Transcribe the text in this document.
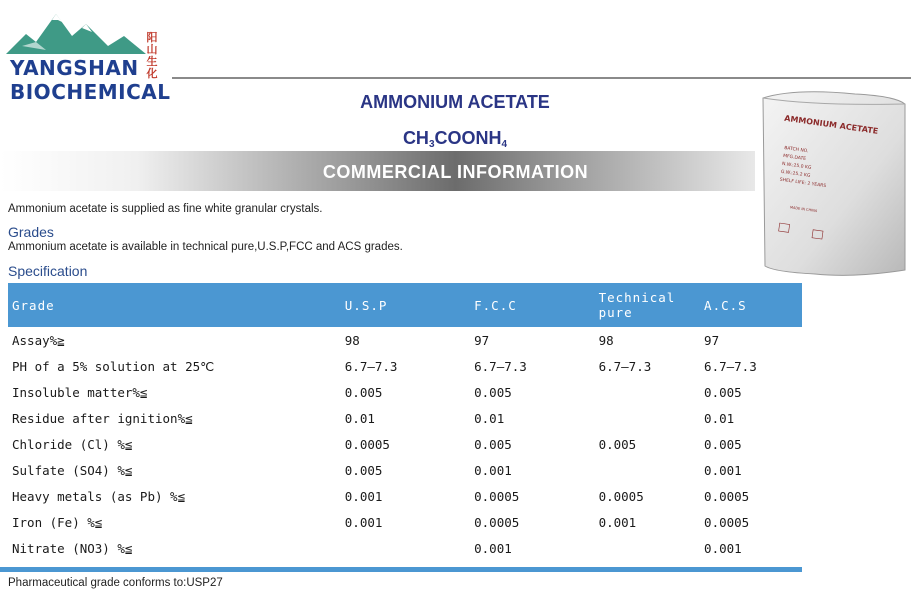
阳
山
生
化
YANGSHAN
BIOCHEMICAL	AMMONIUM ACETATE
$CH_3COONH_4$
COMMERCIAL INFORMATION
AMMONIUM ACETATE
BATCH NO.
MFG.DATE
N.W.:25.0 KG
G.W.:25.2 KG
SHELF LIFE: 2 YEARS
MADE IN CHINA
Ammonium acetate is supplied as fine white granular crystals.
Grades
Ammonium acetate is available in technical pure,U.S.P,FCC and ACS grades.
Specification
Grade	U.S.P	F.C.C	Technical pure	A.C.S
Assay%≧	98	97	98	97
PH of a 5% solution at 25℃	6.7—7.3	6.7—7.3	6.7—7.3	6.7—7.3
Insoluble matter%≦	0.005	0.005		0.005
Residue after ignition%≦	0.01	0.01		0.01
Chloride (Cl) %≦	0.0005	0.005	0.005	0.005
Sulfate (SO4) %≦	0.005	0.001		0.001
Heavy metals (as Pb) %≦	0.001	0.0005	0.0005	0.0005
Iron (Fe) %≦	0.001	0.0005	0.001	0.0005
Nitrate (NO3) %≦		0.001		0.001
Pharmaceutical grade conforms to:USP27
